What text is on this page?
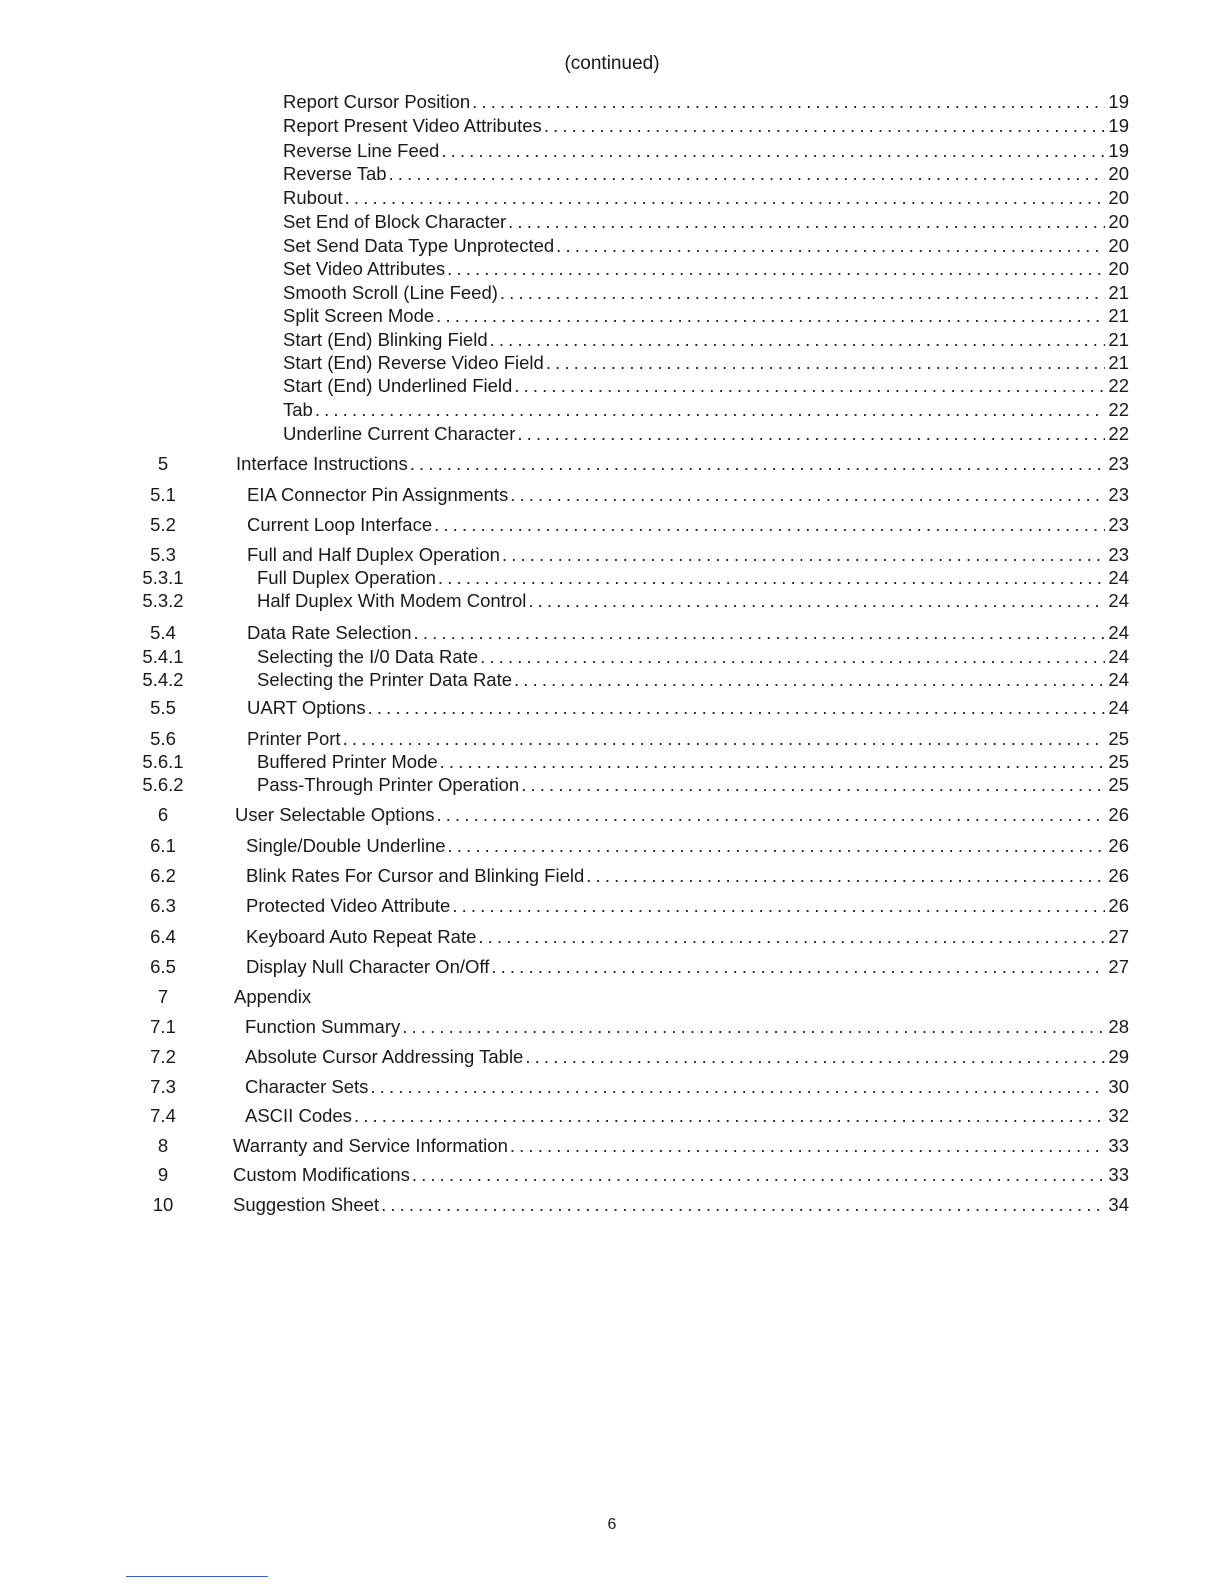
(continued)
Report Cursor Position . . .	19
Report Present Video Attributes . . .	19
Reverse Line Feed . . .	19
Reverse Tab . . .	20
Rubout . . .	20
Set End of Block Character . . .	20
Set Send Data Type Unprotected . . .	20
Set Video Attributes . . .	20
Smooth Scroll (Line Feed) . . .	21
Split Screen Mode . . .	21
Start (End) Blinking Field . . .	21
Start (End) Reverse Video Field . . .	21
Start (End) Underlined Field . . .	22
Tab . . .	22
Underline Current Character . . .	22
5	Interface Instructions . . .	23
5.1	EIA Connector Pin Assignments . . .	23
5.2	Current Loop Interface . . .	23
5.3	Full and Half Duplex Operation . . .	23
5.3.1	Full Duplex Operation . . .	24
5.3.2	Half Duplex With Modem Control . . .	24
5.4	Data Rate Selection . . .	24
5.4.1	Selecting the I/0 Data Rate . . .	24
5.4.2	Selecting the Printer Data Rate . . .	24
5.5	UART Options . . .	24
5.6	Printer Port . . .	25
5.6.1	Buffered Printer Mode . . .	25
5.6.2	Pass-Through Printer Operation . . .	25
6	User Selectable Options . . .	26
6.1	Single/Double Underline . . .	26
6.2	Blink Rates For Cursor and Blinking Field . . .	26
6.3	Protected Video Attribute . . .	26
6.4	Keyboard Auto Repeat Rate . . .	27
6.5	Display Null Character On/Off . . .	27
7	Appendix
7.1	Function Summary . . .	28
7.2	Absolute Cursor Addressing Table . . .	29
7.3	Character Sets . . .	30
7.4	ASCII Codes . . .	32
8	Warranty and Service Information . . .	33
9	Custom Modifications . . .	33
10	Suggestion Sheet . . .	34
6
